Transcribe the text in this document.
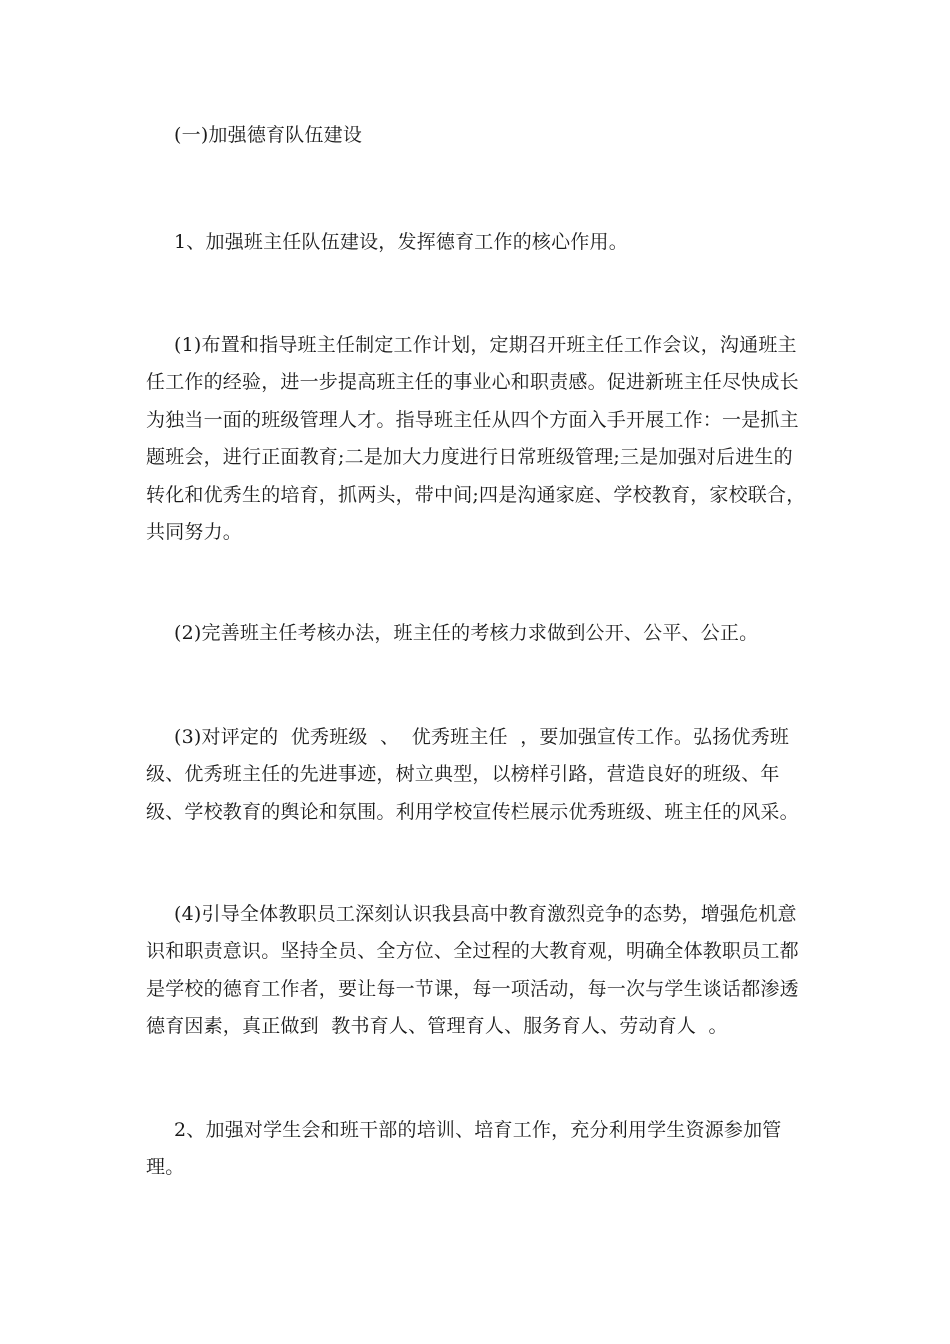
(一)加强德育队伍建设

1、加强班主任队伍建设，发挥德育工作的核心作用。

(1)布置和指导班主任制定工作计划，定期召开班主任工作会议，沟通班主任工作的经验，进一步提高班主任的事业心和职责感。促进新班主任尽快成长为独当一面的班级管理人才。指导班主任从四个方面入手开展工作：一是抓主题班会，进行正面教育;二是加大力度进行日常班级管理;三是加强对后进生的转化和优秀生的培育，抓两头，带中间;四是沟通家庭、学校教育，家校联合，共同努力。

(2)完善班主任考核办法，班主任的考核力求做到公开、公平、公正。

(3)对评定的  优秀班级  、  优秀班主任  ，要加强宣传工作。弘扬优秀班级、优秀班主任的先进事迹，树立典型，以榜样引路，营造良好的班级、年级、学校教育的舆论和氛围。利用学校宣传栏展示优秀班级、班主任的风采。

(4)引导全体教职员工深刻认识我县高中教育激烈竞争的态势，增强危机意识和职责意识。坚持全员、全方位、全过程的大教育观，明确全体教职员工都是学校的德育工作者，要让每一节课，每一项活动，每一次与学生谈话都渗透德育因素，真正做到  教书育人、管理育人、服务育人、劳动育人  。

2、加强对学生会和班干部的培训、培育工作，充分利用学生资源参加管理。
